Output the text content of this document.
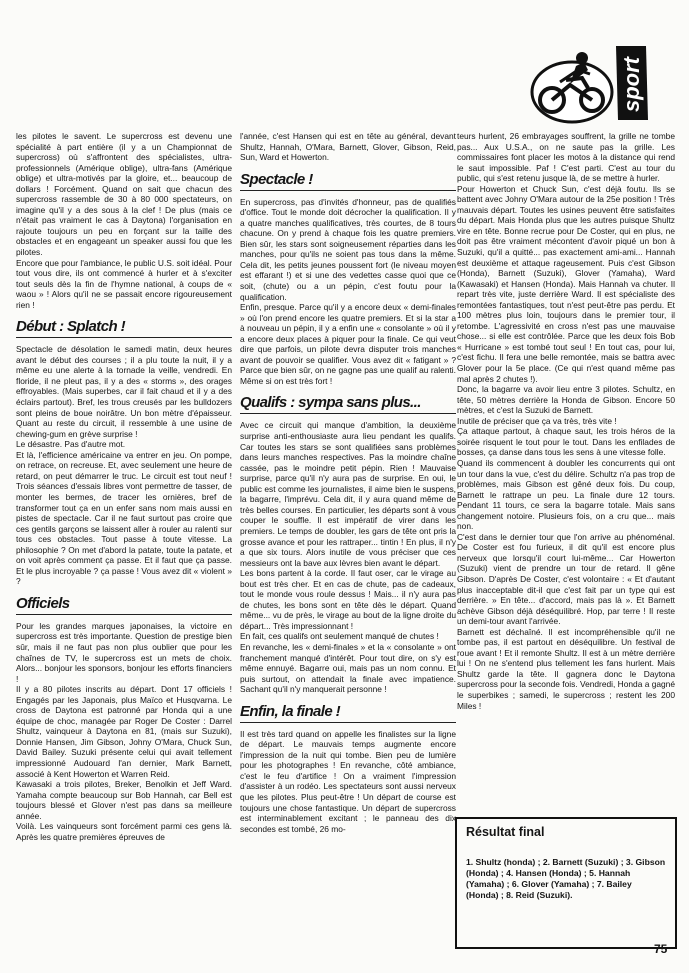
sport

les pilotes le savent. Le supercross est devenu une spécialité à part entière (il y a un Championnat de supercross) où s'affrontent des spécialistes, ultra-professionnels (Amérique oblige), ultra-fans (Amérique oblige) et ultra-motivés par la gloire, et... beaucoup de dollars ! Forcément. Quand on sait que chacun des supercross rassemble de 30 à 80 000 spectateurs, on imagine qu'il y a des sous à la clef ! De plus (mais ce n'était pas vraiment le cas à Daytona) l'organisation en rajoute toujours un peu en forçant sur la taille des obstacles et en engageant un speaker aussi fou que les pilotes.
Encore que pour l'ambiance, le public U.S. soit idéal. Pour tout vous dire, ils ont commencé à hurler et à s'exciter tout seuls dès la fin de l'hymne national, à coups de « waou » ! Alors qu'il ne se passait encore rigoureusement rien !

Début : Splatch !

Spectacle de désolation le samedi matin, deux heures avant le début des courses ; il a plu toute la nuit, il y a même eu une alerte à la tornade la veille, vendredi. En floride, il ne pleut pas, il y a des « storms », des orages effroyables. (Mais superbes, car il fait chaud et il y a des éclairs partout). Bref, les trous creusés par les bulldozers sont pleins de boue noirâtre. Un bon mètre d'épaisseur. Quant au reste du circuit, il ressemble à une usine de chewing-gum en grève surprise !
Le désastre. Pas d'autre mot.
Et là, l'efficience américaine va entrer en jeu. On pompe, on retrace, on recreuse. Et, avec seulement une heure de retard, on peut démarrer le truc. Le circuit est tout neuf ! Trois séances d'essais libres vont permettre de tasser, de monter les bermes, de tracer les ornières, bref de transformer tout ça en un enfer sans nom mais aussi en pistes de spectacle. Car il ne faut surtout pas croire que ces gentils garçons se laissent aller à rouler au ralenti sur tous ces obstacles. Tout passe à toute vitesse. La philosophie ? On met d'abord la patate, toute la patate, et on voit après comment ça passe. Et il faut que ça passe. Et le plus incroyable ? ça passe ! Vous avez dit « violent » ?

Officiels

Pour les grandes marques japonaises, la victoire en supercross est très importante. Question de prestige bien sûr, mais il ne faut pas non plus oublier que pour les chaînes de TV, le supercross est un mets de choix. Alors... bonjour les sponsors, bonjour les efforts financiers !
Il y a 80 pilotes inscrits au départ. Dont 17 officiels ! Engagés par les Japonais, plus Maïco et Husqvarna. Le cross de Daytona est patronné par Honda qui a une équipe de choc, managée par Roger De Coster : Darrel Shultz, vainqueur à Daytona en 81, (mais sur Suzuki), Donnie Hansen, Jim Gibson, Johny O'Mara, Chuck Sun, David Bailey. Suzuki présente celui qui avait tellement impressionné Audouard l'an dernier, Mark Barnett, associé à Kent Howerton et Warren Reid.
Kawasaki a trois pilotes, Breker, Benolkin et Jeff Ward. Yamaha compte beaucoup sur Bob Hannah, car Bell est toujours blessé et Glover n'est pas dans sa meilleure année.
Voilà. Les vainqueurs sont forcément parmi ces gens là. Après les quatre premières épreuves de

l'année, c'est Hansen qui est en tête au général, devant Shultz, Hannah, O'Mara, Barnett, Glover, Gibson, Reid, Sun, Ward et Howerton.

Spectacle !

En supercross, pas d'invités d'honneur, pas de qualifiés d'office. Tout le monde doit décrocher la qualification. Il y a quatre manches qualificatives, très courtes, de 8 tours chacune. On y prend à chaque fois les quatre premiers. Bien sûr, les stars sont soigneusement réparties dans les manches, pour qu'ils ne soient pas tous dans la même. Cela dit, les petits jeunes poussent fort (le niveau moyen est effarant !) et si une des vedettes casse quoi que ce soit, (chute) ou a un pépin, c'est foutu pour la qualification.
Enfin, presque. Parce qu'il y a encore deux « demi-finales » où l'on prend encore les quatre premiers. Et si la star a à nouveau un pépin, il y a enfin une « consolante » où il y a encore deux places à piquer pour la finale. Ce qui veut dire que parfois, un pilote devra disputer trois manches avant de pouvoir se qualifier. Vous avez dit « fatigant » ? Parce que bien sûr, on ne gagne pas une qualif au ralenti. Même si on est très fort !

Qualifs : sympa sans plus...

Avec ce circuit qui manque d'ambition, la deuxième surprise anti-enthousiaste aura lieu pendant les qualifs. Car toutes les stars se sont qualifiées sans problèmes dans leurs manches respectives. Pas la moindre chaîne cassée, pas le moindre petit pépin. Rien ! Mauvaise surprise, parce qu'il n'y aura pas de surprise. En oui, le public est comme les journalistes, il aime bien le suspens, la bagarre, l'imprévu. Cela dit, il y aura quand même de très belles courses. En particulier, les départs sont à vous couper le souffle. Il est impératif de virer dans les premiers. Le temps de doubler, les gars de tête ont pris la grosse avance et pour les rattraper... tintin ! En plus, il n'y a que six tours. Alors inutile de vous préciser que ces messieurs ont la bave aux lèvres bien avant le départ.
Les bons partent à la corde. Il faut oser, car le virage au bout est très cher. Et en cas de chute, pas de cadeaux, tout le monde vous roule dessus ! Mais... il n'y aura pas de chutes, les bons sont en tête dès le départ. Quand même... vu de près, le virage au bout de la ligne droite du départ... Très impressionnant !
En fait, ces qualifs ont seulement manqué de chutes !
En revanche, les « demi-finales » et la « consolante » ont franchement manqué d'intérêt. Pour tout dire, on s'y est même ennuyé. Bagarre oui, mais pas un nom connu. Et puis surtout, on attendait la finale avec impatience. Sachant qu'il n'y manquerait personne !

Enfin, la finale !

Il est très tard quand on appelle les finalistes sur la ligne de départ. Le mauvais temps augmente encore l'impression de la nuit qui tombe. Bien peu de lumière pour les photographes ! En revanche, côté ambiance, c'est le feu d'artifice ! On a vraiment l'impression d'assister à un rodéo. Les spectateurs sont aussi nerveux que les pilotes. Plus peut-être ! Un départ de course est toujours une chose fantastique. Un départ de supercross est interminablement excitant ; le panneau des dix secondes est tombé, 26 mo-

teurs hurlent, 26 embrayages souffrent, la grille ne tombe pas... Aux U.S.A., on ne saute pas la grille. Les commissaires font placer les motos à la distance qui rend le saut impossible. Paf ! C'est parti. C'est au tour du public, qui s'est retenu jusque là, de se mettre à hurler.
Pour Howerton et Chuck Sun, c'est déjà foutu. Ils se battent avec Johny O'Mara autour de la 25e position ! Très mauvais départ. Toutes les usines peuvent être satisfaites du départ. Mais Honda plus que les autres puisque Shultz vire en tête. Bonne recrue pour De Coster, qui en plus, ne doit pas être vraiment mécontent d'avoir piqué un bon à Suzuki, qu'il a quitté... pas exactement ami-ami... Hannah est deuxième et attaque rageusement. Puis c'est Gibson (Honda), Barnett (Suzuki), Glover (Yamaha), Ward (Kawasaki) et Hansen (Honda). Mais Hannah va chuter. Il repart très vite, juste derrière Ward. Il est spécialiste des remontées fantastiques, tout n'est peut-être pas perdu. Et 100 mètres plus loin, toujours dans le premier tour, il retombe. L'agressivité en cross n'est pas une mauvaise chose... si elle est contrôlée. Parce que les deux fois Bob « Hurricane » est tombé tout seul ! En tout cas, pour lui, c'est fichu. Il fera une belle remontée, mais se battra avec Glover pour la 5e place. (Ce qui n'est quand même pas mal après 2 chutes !).
Donc, la bagarre va avoir lieu entre 3 pilotes. Schultz, en tête, 50 mètres derrière la Honda de Gibson. Encore 50 mètres, et c'est la Suzuki de Barnett.
Inutile de préciser que ça va très, très vite !
Ça attaque partout, à chaque saut, les trois héros de la soirée risquent le tout pour le tout. Dans les enfilades de bosses, ça danse dans tous les sens à une vitesse folle.
Quand ils commencent à doubler les concurrents qui ont un tour dans la vue, c'est du délire. Schultz n'a pas trop de problèmes, mais Gibson est gêné deux fois. Du coup, Barnett le rattrape un peu. La finale dure 12 tours. Pendant 11 tours, ce sera la bagarre totale. Mais sans changement notoire. Plusieurs fois, on a cru que... mais non.
C'est dans le dernier tour que l'on arrive au phénoménal. De Coster est fou furieux, il dit qu'il est encore plus nerveux que lorsqu'il court lui-même... Car Howerton (Suzuki) vient de prendre un tour de retard. Il gêne Gibson. D'après De Coster, c'est volontaire : « Et d'autant plus inacceptable dit-il que c'est fait par un type qui est derrière. » En tête... d'accord, mais pas là ». Et Barnett achève Gibson déjà déséquilibré. Hop, par terre ! Il reste un demi-tour avant l'arrivée.
Barnett est déchaîné. Il est incompréhensible qu'il ne tombe pas, il est partout en déséquilibre. Un festival de roue avant ! Et il remonte Shultz. Il est à un mètre derrière lui ! On ne s'entend plus tellement les fans hurlent. Mais Shultz garde la tête. Il gagnera donc le Daytona supercross pour la seconde fois. Vendredi, Honda a gagné le superbikes ; samedi, le supercross ; restent les 200 Miles !

Résultat final

1. Shultz (honda) ; 2. Barnett (Suzuki) ; 3. Gibson (Honda) ; 4. Hansen (Honda) ; 5. Hannah (Yamaha) ; 6. Glover (Yamaha) ; 7. Bailey (Honda) ; 8. Reid (Suzuki).

75
